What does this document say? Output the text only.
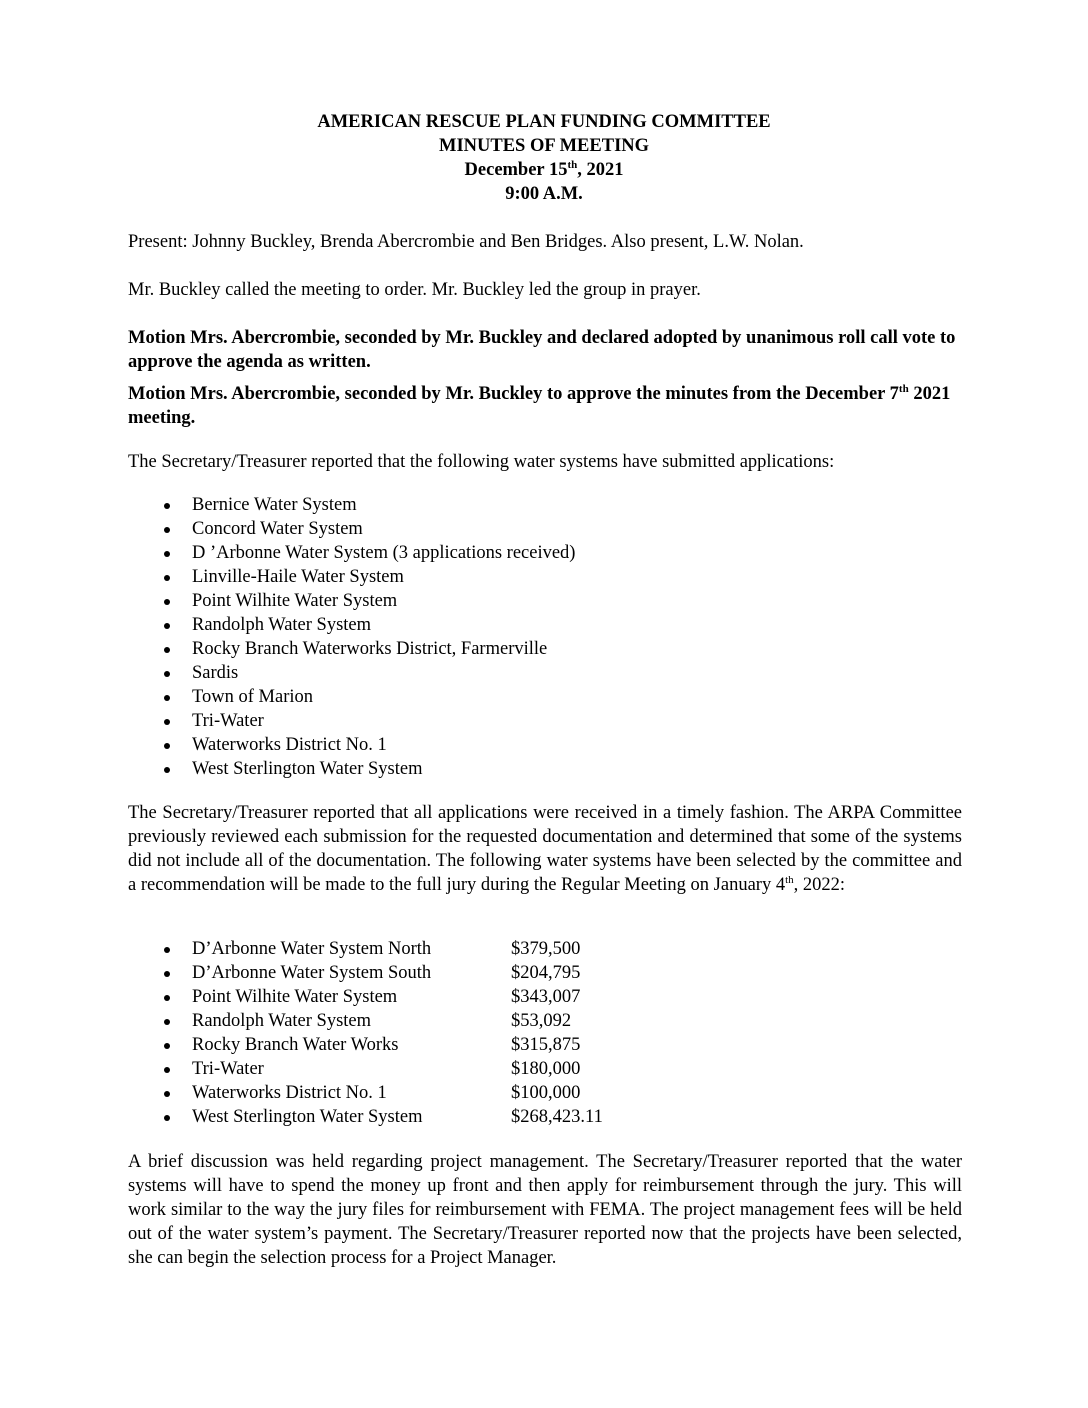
AMERICAN RESCUE PLAN FUNDING COMMITTEE
MINUTES OF MEETING
December 15th, 2021
9:00 A.M.

Present: Johnny Buckley, Brenda Abercrombie and Ben Bridges. Also present, L.W. Nolan.

Mr. Buckley called the meeting to order. Mr. Buckley led the group in prayer.

Motion Mrs. Abercrombie, seconded by Mr. Buckley and declared adopted by unanimous roll call vote to approve the agenda as written.

Motion Mrs. Abercrombie, seconded by Mr. Buckley to approve the minutes from the December 7th 2021 meeting.

The Secretary/Treasurer reported that the following water systems have submitted applications:

Bernice Water System
Concord Water System
D ’Arbonne Water System (3 applications received)
Linville-Haile Water System
Point Wilhite Water System
Randolph Water System
Rocky Branch Waterworks District, Farmerville
Sardis
Town of Marion
Tri-Water
Waterworks District No. 1
West Sterlington Water System

The Secretary/Treasurer reported that all applications were received in a timely fashion. The ARPA Committee previously reviewed each submission for the requested documentation and determined that some of the systems did not include all of the documentation. The following water systems have been selected by the committee and a recommendation will be made to the full jury during the Regular Meeting on January 4th, 2022:

D’Arbonne Water System North	$379,500
D’Arbonne Water System South	$204,795
Point Wilhite Water System	$343,007
Randolph Water System	$53,092
Rocky Branch Water Works	$315,875
Tri-Water	$180,000
Waterworks District No. 1	$100,000
West Sterlington Water System	$268,423.11

A brief discussion was held regarding project management. The Secretary/Treasurer reported that the water systems will have to spend the money up front and then apply for reimbursement through the jury. This will work similar to the way the jury files for reimbursement with FEMA. The project management fees will be held out of the water system’s payment. The Secretary/Treasurer reported now that the projects have been selected, she can begin the selection process for a Project Manager.
